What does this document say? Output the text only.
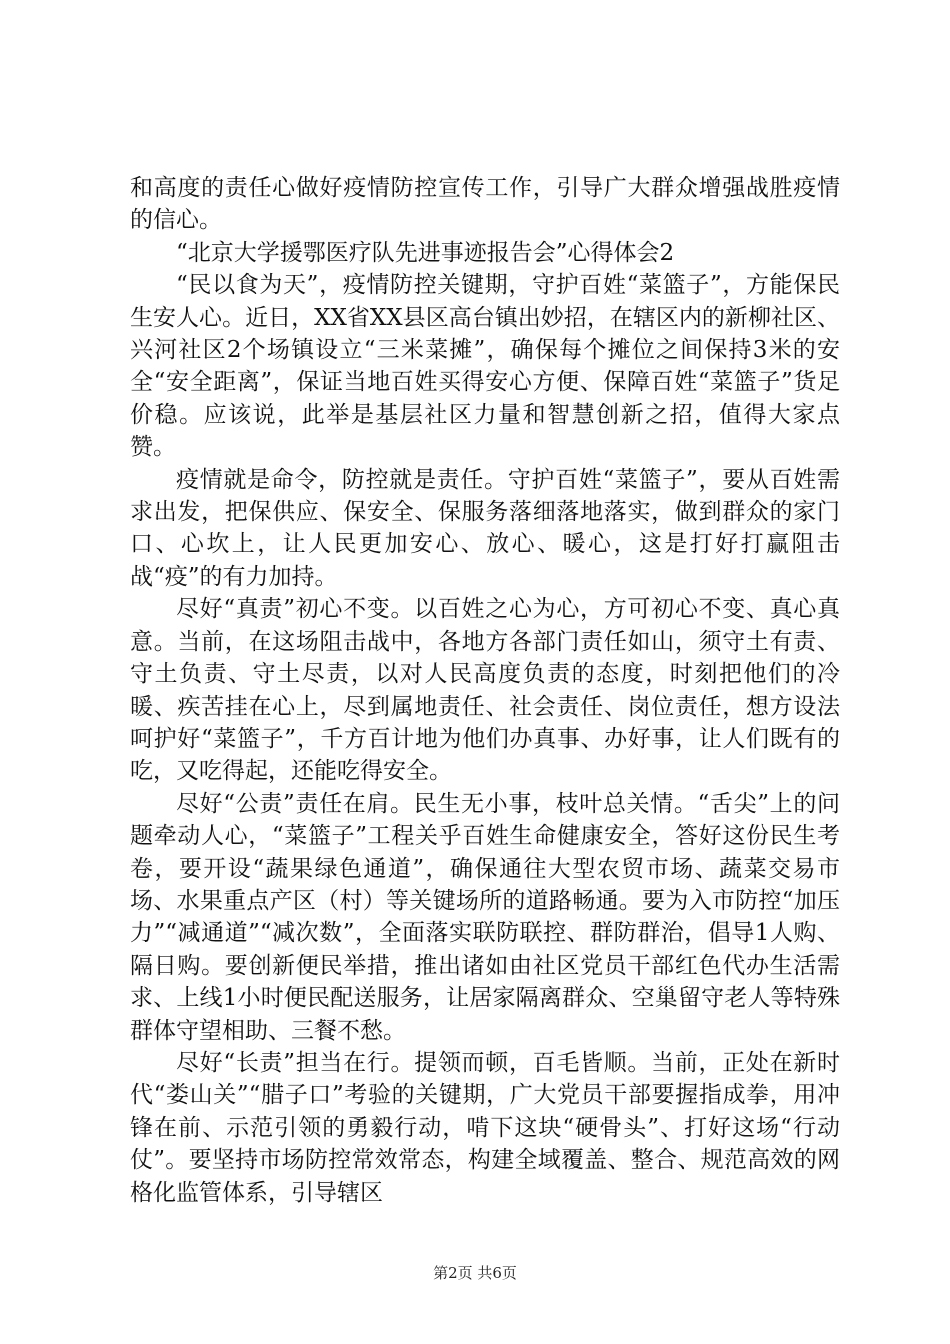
和高度的责任心做好疫情防控宣传工作，引导广大群众增强战胜疫情的信心。

“北京大学援鄂医疗队先进事迹报告会”心得体会2

“民以食为天”，疫情防控关键期，守护百姓“菜篮子”，方能保民生安人心。近日，XX省XX县区高台镇出妙招，在辖区内的新柳社区、兴河社区2个场镇设立“三米菜摊”，确保每个摊位之间保持3米的安全“安全距离”，保证当地百姓买得安心方便、保障百姓“菜篮子”货足价稳。应该说，此举是基层社区力量和智慧创新之招，值得大家点赞。

疫情就是命令，防控就是责任。守护百姓“菜篮子”，要从百姓需求出发，把保供应、保安全、保服务落细落地落实，做到群众的家门口、心坎上，让人民更加安心、放心、暖心，这是打好打赢阻击战“疫”的有力加持。

尽好“真责”初心不变。以百姓之心为心，方可初心不变、真心真意。当前，在这场阻击战中，各地方各部门责任如山，须守土有责、守土负责、守土尽责，以对人民高度负责的态度，时刻把他们的冷暖、疾苦挂在心上，尽到属地责任、社会责任、岗位责任，想方设法呵护好“菜篮子”，千方百计地为他们办真事、办好事，让人们既有的吃，又吃得起，还能吃得安全。

尽好“公责”责任在肩。民生无小事，枝叶总关情。“舌尖”上的问题牵动人心，“菜篮子”工程关乎百姓生命健康安全，答好这份民生考卷，要开设“蔬果绿色通道”，确保通往大型农贸市场、蔬菜交易市场、水果重点产区（村）等关键场所的道路畅通。要为入市防控“加压力”“减通道”“减次数”，全面落实联防联控、群防群治，倡导1人购、隔日购。要创新便民举措，推出诸如由社区党员干部红色代办生活需求、上线1小时便民配送服务，让居家隔离群众、空巢留守老人等特殊群体守望相助、三餐不愁。

尽好“长责”担当在行。提领而顿，百毛皆顺。当前，正处在新时代“娄山关”“腊子口”考验的关键期，广大党员干部要握指成拳，用冲锋在前、示范引领的勇毅行动，啃下这块“硬骨头”、打好这场“行动仗”。要坚持市场防控常效常态，构建全域覆盖、整合、规范高效的网格化监管体系，引导辖区

第2页 共6页
